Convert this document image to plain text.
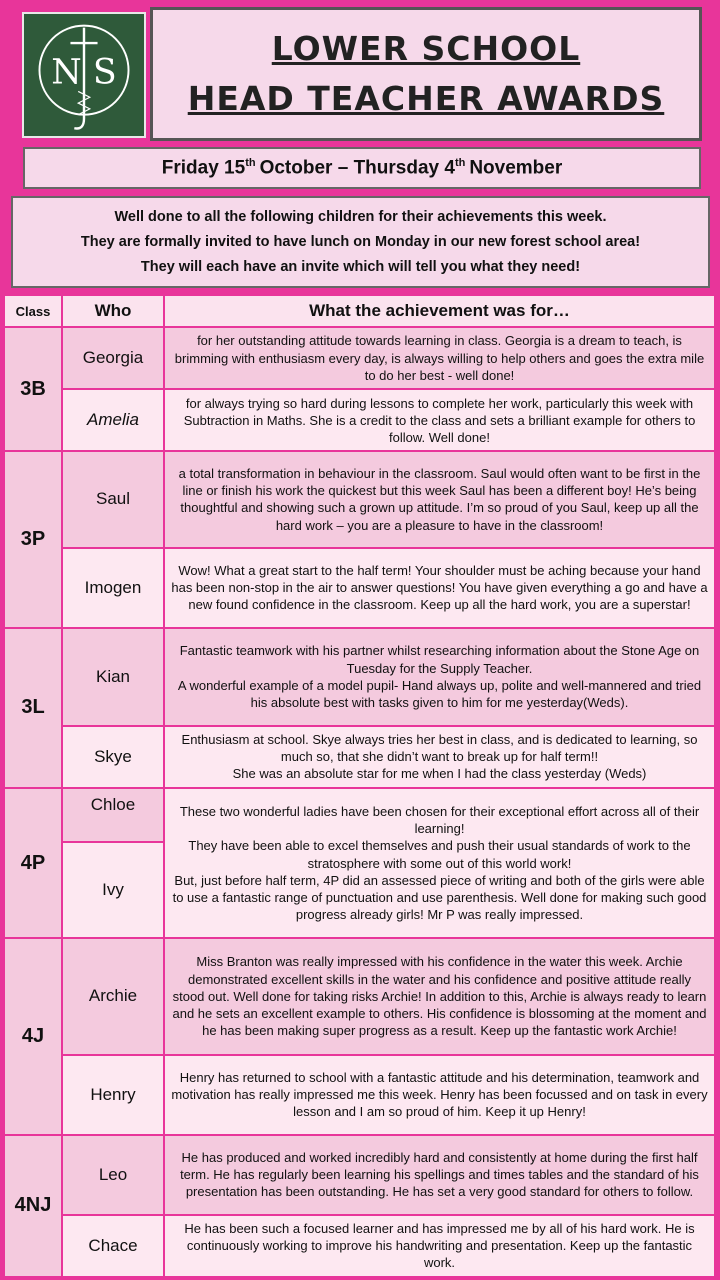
N S
LOWER SCHOOL
HEAD TEACHER AWARDS
Friday 15th October –
Thursday 4th November
Well done to all the following children for their achievements this week.
They are formally invited to have lunch on Monday in our new forest school area!
They will each have an invite which will tell you what they need!
Class	Who	What the achievement was for…
3B	Georgia	for her outstanding attitude towards learning in class. Georgia is a dream to teach, is brimming with enthusiasm every day, is always willing to help others and goes the extra mile to do her best - well done!
	Amelia	for always trying so hard during lessons to complete her work, particularly this week with Subtraction in Maths. She is a credit to the class and sets a brilliant example for others to follow. Well done!
3P	Saul	a total transformation in behaviour in the classroom. Saul would often want to be first in the line or finish his work the quickest but this week Saul has been a different boy! He’s being thoughtful and showing such a grown up attitude. I’m so proud of you Saul, keep up all the hard work – you are a pleasure to have in the classroom!
	Imogen	Wow! What a great start to the half term! Your shoulder must be aching because your hand has been non-stop in the air to answer questions! You have given everything a go and have a new found confidence in the classroom. Keep up all the hard work, you are a superstar!
3L	Kian	Fantastic teamwork with his partner whilst researching information about the Stone Age on Tuesday for the Supply Teacher.
A wonderful example of a model pupil- Hand always up, polite and well-mannered and tried his absolute best with tasks given to him for me yesterday(Weds).

	Skye	Enthusiasm at school. Skye always tries her best in class, and is dedicated to learning, so much so, that she didn’t want to break up for half term!!
She was an absolute star for me when I had the class yesterday (Weds)

4P	Chloe	These two wonderful ladies have been chosen for their exceptional effort across all of their learning!
They have been able to excel themselves and push their usual standards of work to the stratosphere with some out of this world work!
But, just before half term, 4P did an assessed piece of writing and both of the girls were able to use a fantastic range of punctuation and use parenthesis. Well done for making such good progress already girls! Mr P was really impressed.

	Ivy	
4J	Archie	Miss Branton was really impressed with his confidence in the water this week. Archie demonstrated excellent skills in the water and his confidence and positive attitude really stood out. Well done for taking risks Archie! In addition to this, Archie is always ready to learn and he sets an excellent example to others. His confidence is blossoming at the moment and he has been making super progress as a result. Keep up the fantastic work Archie!
	Henry	Henry has returned to school with a fantastic attitude and his determination, teamwork and motivation has really impressed me this week. Henry has been focussed and on task in every lesson and I am so proud of him. Keep it up Henry!
4NJ	Leo	He has produced and worked incredibly hard and consistently at home during the first half term. He has regularly been learning his spellings and times tables and the standard of his presentation has been outstanding. He has set a very good standard for others to follow.
	Chace	He has been such a focused learner and has impressed me by all of his hard work. He is continuously working to improve his handwriting and presentation. Keep up the fantastic work.
